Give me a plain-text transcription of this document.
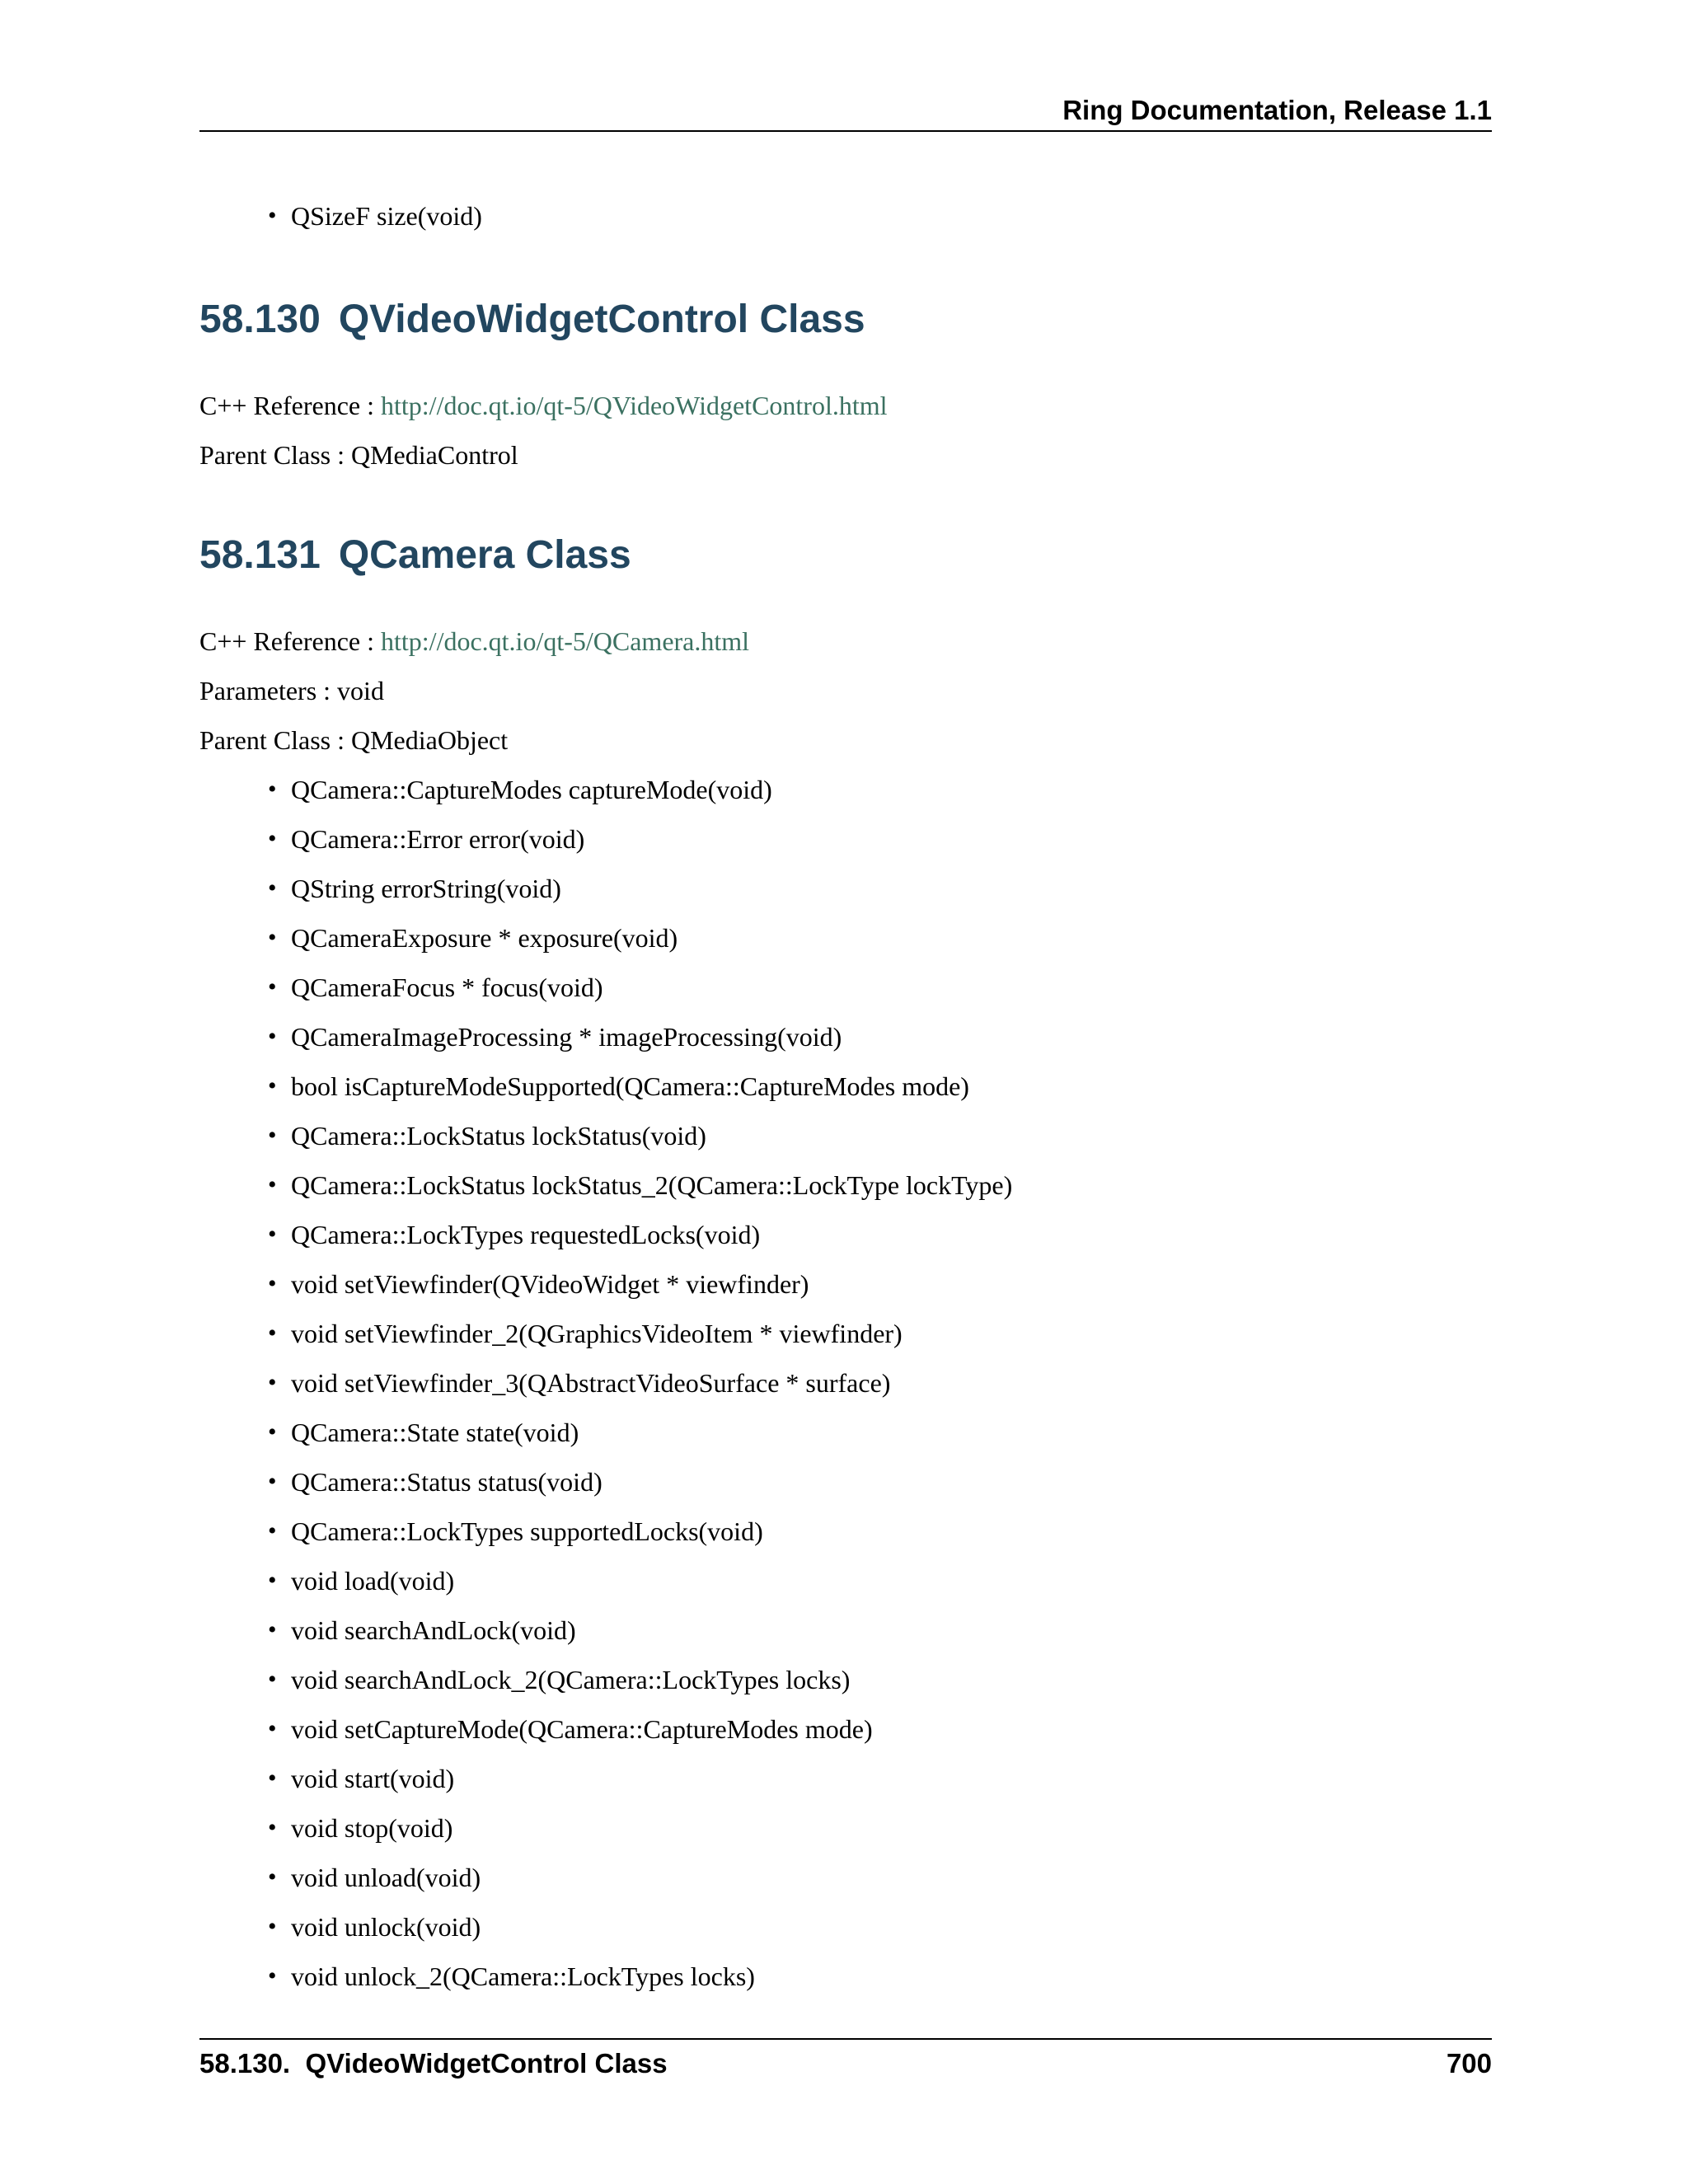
Ring Documentation, Release 1.1
• QSizeF size(void)
58.130 QVideoWidgetControl Class

C++ Reference : http://doc.qt.io/qt-5/QVideoWidgetControl.html

Parent Class : QMediaControl

58.131 QCamera Class

C++ Reference : http://doc.qt.io/qt-5/QCamera.html

Parameters : void

Parent Class : QMediaObject

• QCamera::CaptureModes captureMode(void)
• QCamera::Error error(void)
• QString errorString(void)
• QCameraExposure * exposure(void)
• QCameraFocus * focus(void)
• QCameraImageProcessing * imageProcessing(void)
• bool isCaptureModeSupported(QCamera::CaptureModes mode)
• QCamera::LockStatus lockStatus(void)
• QCamera::LockStatus lockStatus_2(QCamera::LockType lockType)
• QCamera::LockTypes requestedLocks(void)
• void setViewfinder(QVideoWidget * viewfinder)
• void setViewfinder_2(QGraphicsVideoItem * viewfinder)
• void setViewfinder_3(QAbstractVideoSurface * surface)
• QCamera::State state(void)
• QCamera::Status status(void)
• QCamera::LockTypes supportedLocks(void)
• void load(void)
• void searchAndLock(void)
• void searchAndLock_2(QCamera::LockTypes locks)
• void setCaptureMode(QCamera::CaptureModes mode)
• void start(void)
• void stop(void)
• void unload(void)
• void unlock(void)
• void unlock_2(QCamera::LockTypes locks)
58.130.  QVideoWidgetControl Class	700
